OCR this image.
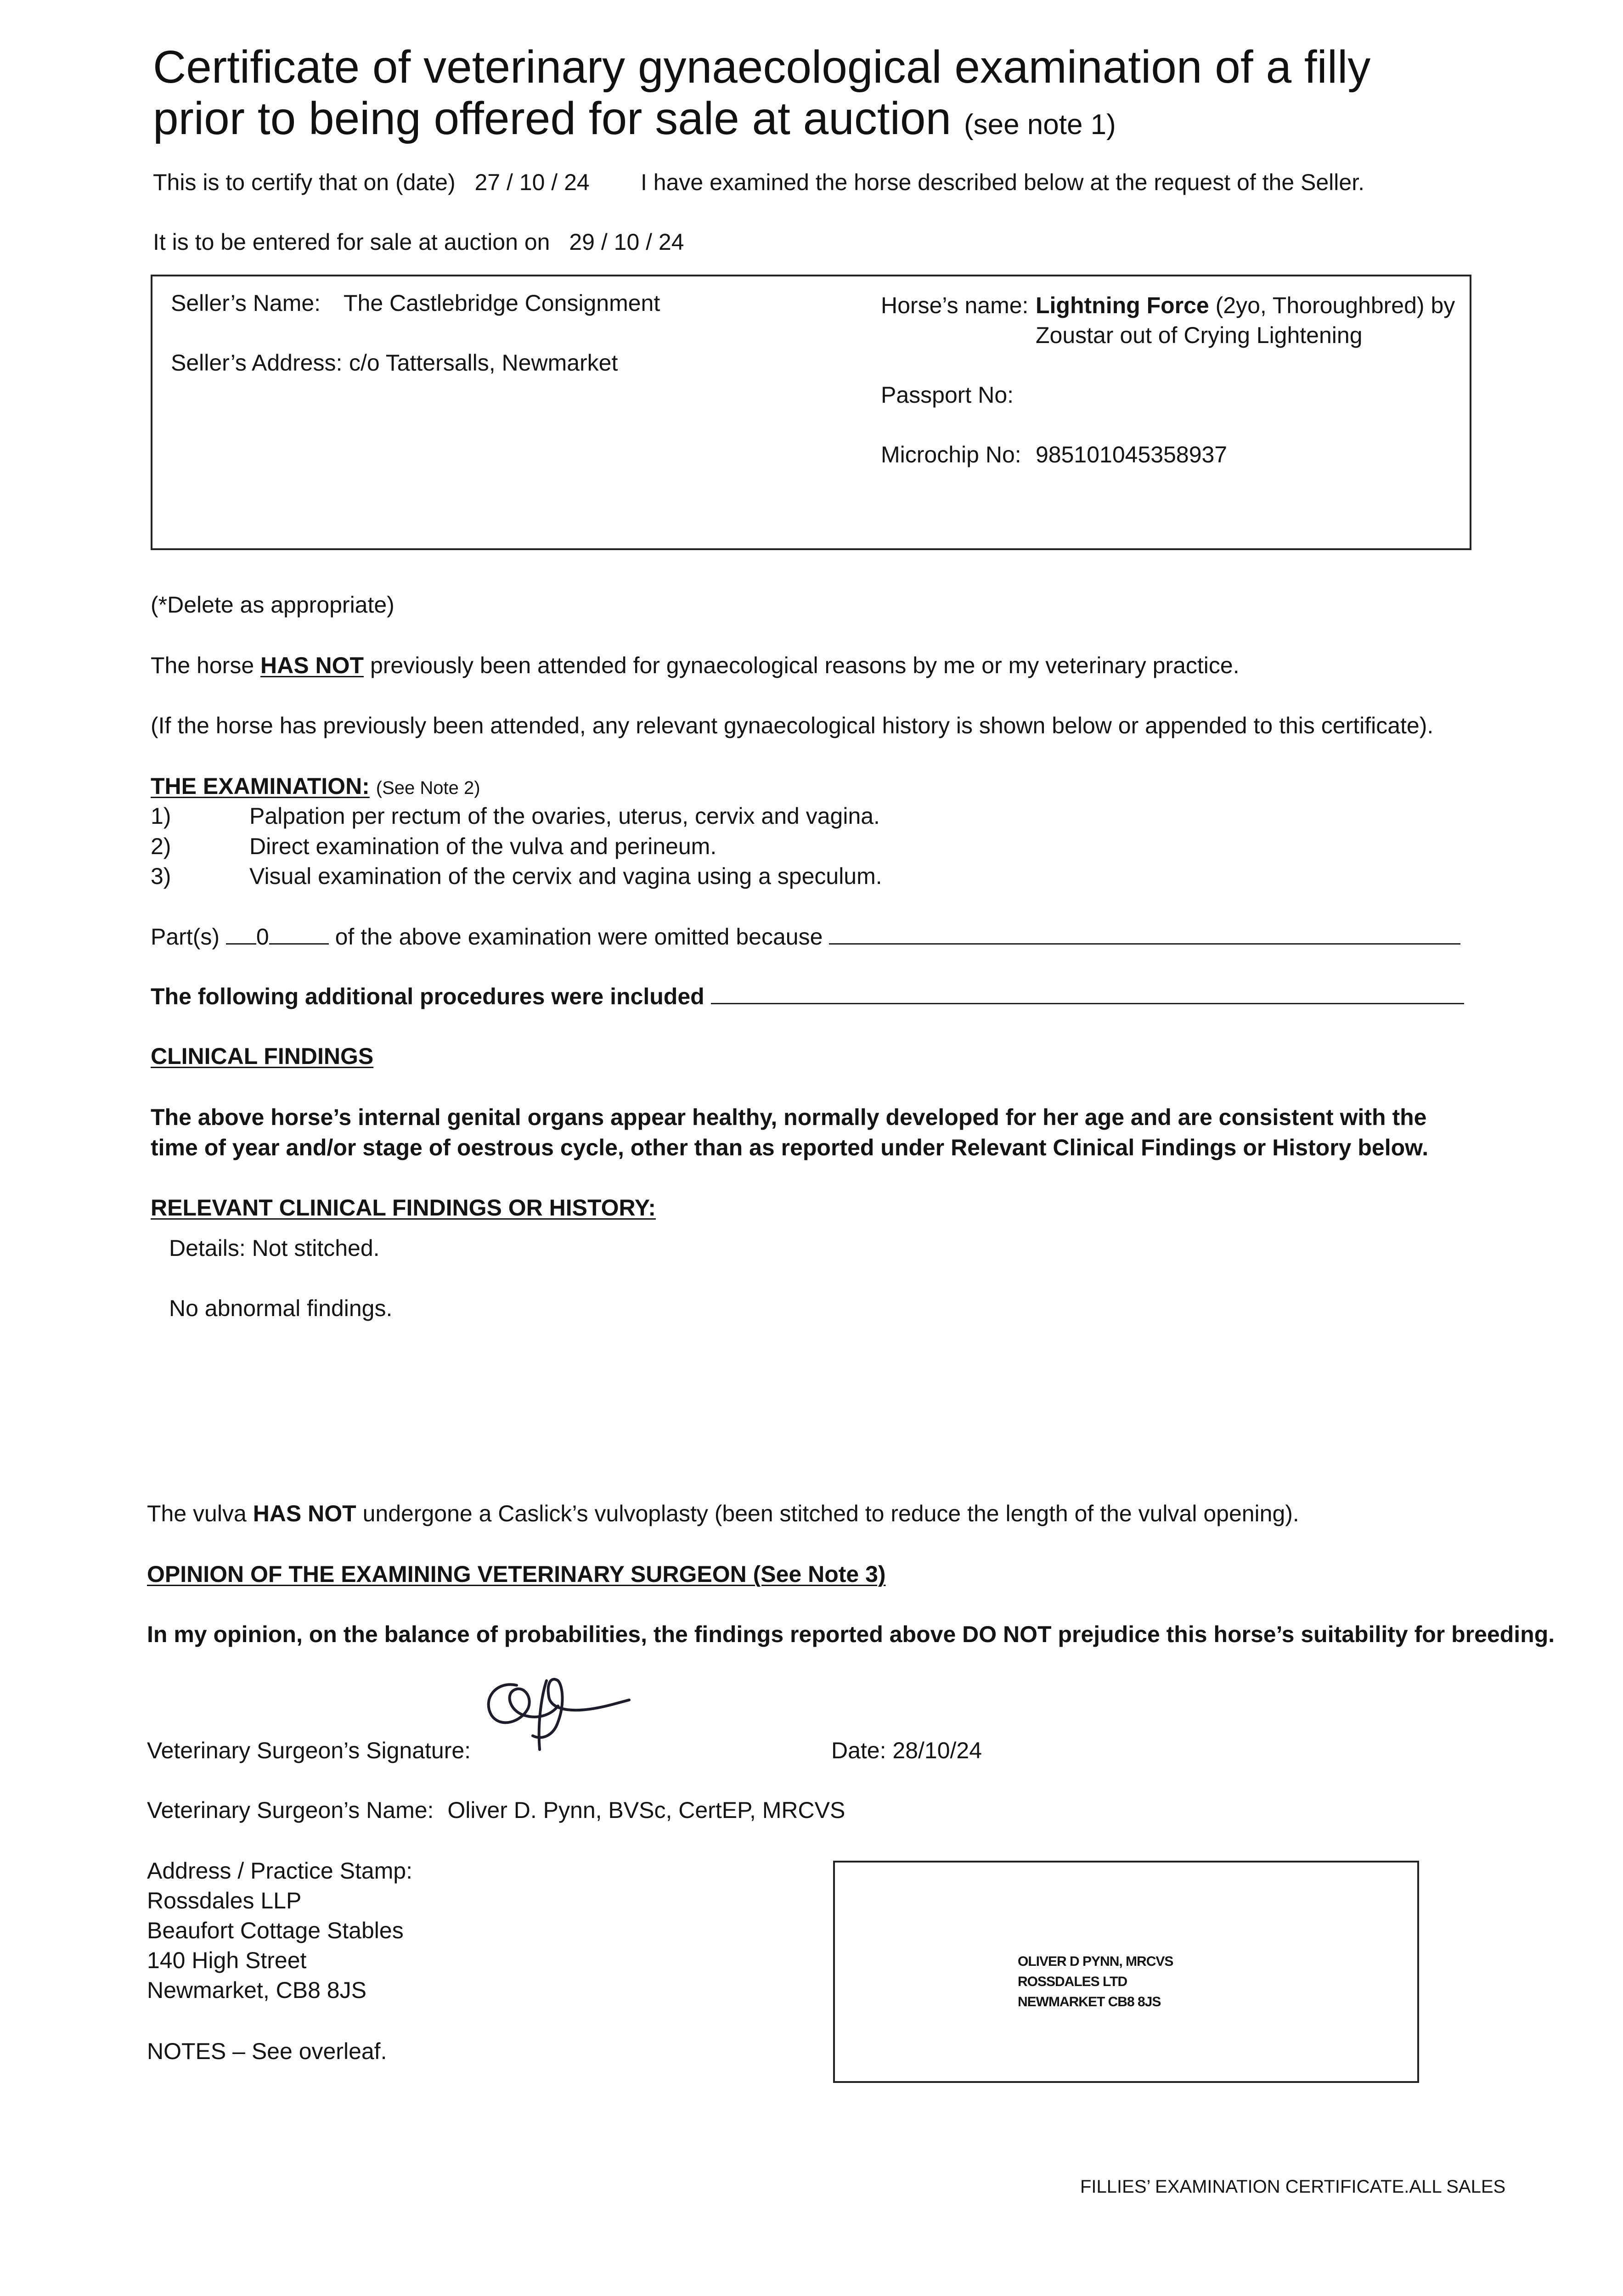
Certificate of veterinary gynaecological examination of a filly
prior to being offered for sale at auction (see note 1)
This is to certify that on (date) 27 / 10 / 24 I have examined the horse described below at the request of the Seller.
It is to be entered for sale at auction on 29 / 10 / 24
Seller’s Name: The Castlebridge Consignment
Seller’s Address: c/o Tattersalls, Newmarket
Horse’s name: Lightning Force (2yo, Thoroughbred) by
Zoustar out of Crying Lightening
Passport No:
Microchip No: 985101045358937
(*Delete as appropriate)
The horse HAS NOT previously been attended for gynaecological reasons by me or my veterinary practice.
(If the horse has previously been attended, any relevant gynaecological history is shown below or appended to this certificate).
THE EXAMINATION: (See Note 2)
1)	Palpation per rectum of the ovaries, uterus, cervix and vagina.
2)	Direct examination of the vulva and perineum.
3)	Visual examination of the cervix and vagina using a speculum.
Part(s) 0	of the above examination were omitted because
The following additional procedures were included
CLINICAL FINDINGS
The above horse’s internal genital organs appear healthy, normally developed for her age and are consistent with the time of year and/or stage of oestrous cycle, other than as reported under Relevant Clinical Findings or History below.
RELEVANT CLINICAL FINDINGS OR HISTORY:
Details: Not stitched.
No abnormal findings.
The vulva HAS NOT undergone a Caslick’s vulvoplasty (been stitched to reduce the length of the vulval opening).
OPINION OF THE EXAMINING VETERINARY SURGEON (See Note 3)
In my opinion, on the balance of probabilities, the findings reported above DO NOT prejudice this horse’s suitability for breeding.
Veterinary Surgeon’s Signature:	Date: 28/10/24
Veterinary Surgeon’s Name: Oliver D. Pynn, BVSc, CertEP, MRCVS
Address / Practice Stamp:
Rossdales LLP
Beaufort Cottage Stables
140 High Street
Newmarket, CB8 8JS
NOTES – See overleaf.
OLIVER D PYNN, MRCVS
ROSSDALES LTD
NEWMARKET CB8 8JS
FILLIES’ EXAMINATION CERTIFICATE.ALL SALES
